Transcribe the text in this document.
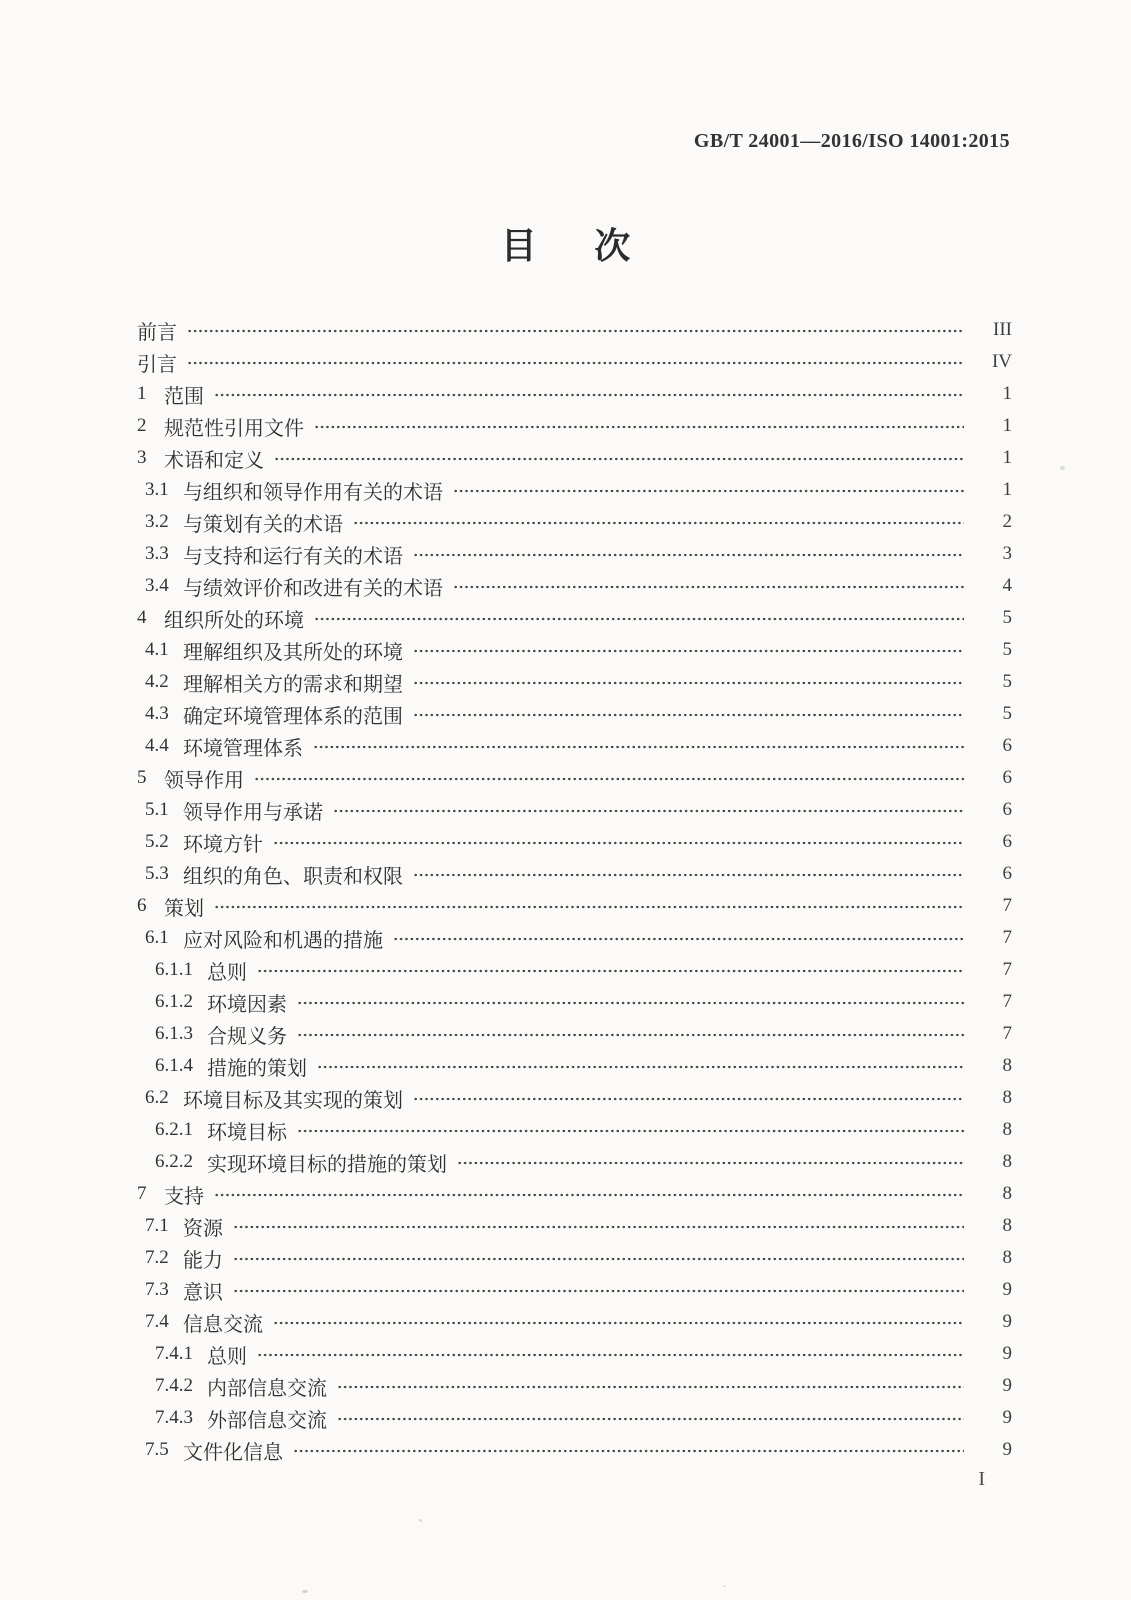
GB/T 24001—2016/ISO 14001:2015
目　次
前言	III
引言	IV
1 范围	1
2 规范性引用文件	1
3 术语和定义	1
3.1 与组织和领导作用有关的术语	1
3.2 与策划有关的术语	2
3.3 与支持和运行有关的术语	3
3.4 与绩效评价和改进有关的术语	4
4 组织所处的环境	5
4.1 理解组织及其所处的环境	5
4.2 理解相关方的需求和期望	5
4.3 确定环境管理体系的范围	5
4.4 环境管理体系	6
5 领导作用	6
5.1 领导作用与承诺	6
5.2 环境方针	6
5.3 组织的角色、职责和权限	6
6 策划	7
6.1 应对风险和机遇的措施	7
6.1.1 总则	7
6.1.2 环境因素	7
6.1.3 合规义务	7
6.1.4 措施的策划	8
6.2 环境目标及其实现的策划	8
6.2.1 环境目标	8
6.2.2 实现环境目标的措施的策划	8
7 支持	8
7.1 资源	8
7.2 能力	8
7.3 意识	9
7.4 信息交流	9
7.4.1 总则	9
7.4.2 内部信息交流	9
7.4.3 外部信息交流	9
7.5 文件化信息	9
I
